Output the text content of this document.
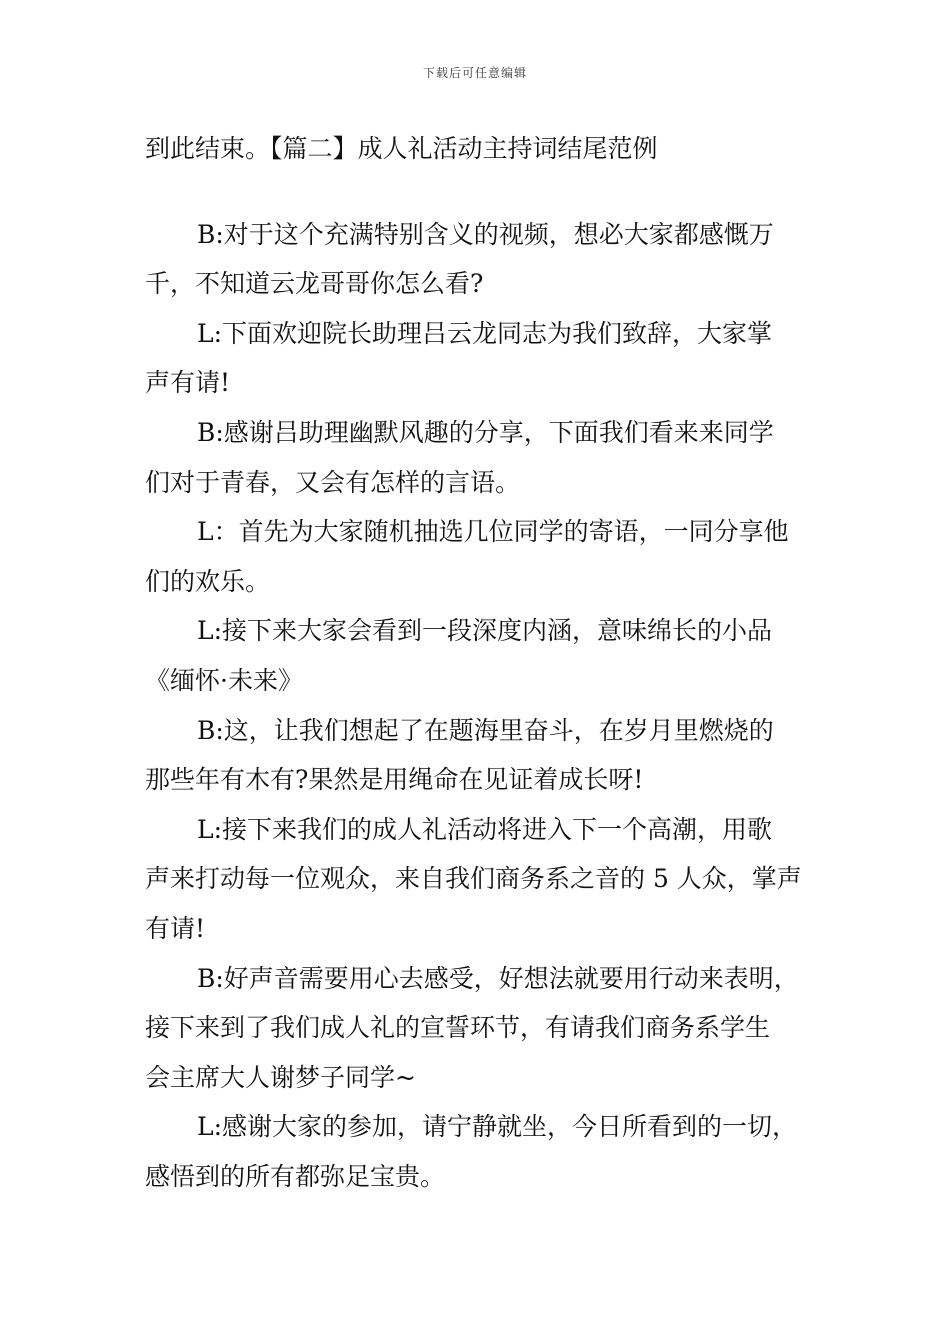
下载后可任意编辑
到此结束。【篇二】成人礼活动主持词结尾范例
B:对于这个充满特别含义的视频，想必大家都感慨万
千，不知道云龙哥哥你怎么看?
L:下面欢迎院长助理吕云龙同志为我们致辞，大家掌
声有请!
B:感谢吕助理幽默风趣的分享，下面我们看来来同学
们对于青春，又会有怎样的言语。
L：首先为大家随机抽选几位同学的寄语，一同分享他
们的欢乐。
L:接下来大家会看到一段深度内涵，意味绵长的小品
《缅怀·未来》
B:这，让我们想起了在题海里奋斗，在岁月里燃烧的
那些年有木有?果然是用绳命在见证着成长呀!
L:接下来我们的成人礼活动将进入下一个高潮，用歌
声来打动每一位观众，来自我们商务系之音的 5 人众，掌声
有请!
B:好声音需要用心去感受，好想法就要用行动来表明，
接下来到了我们成人礼的宣誓环节，有请我们商务系学生
会主席大人谢梦子同学~
L:感谢大家的参加，请宁静就坐，今日所看到的一切，
感悟到的所有都弥足宝贵。
